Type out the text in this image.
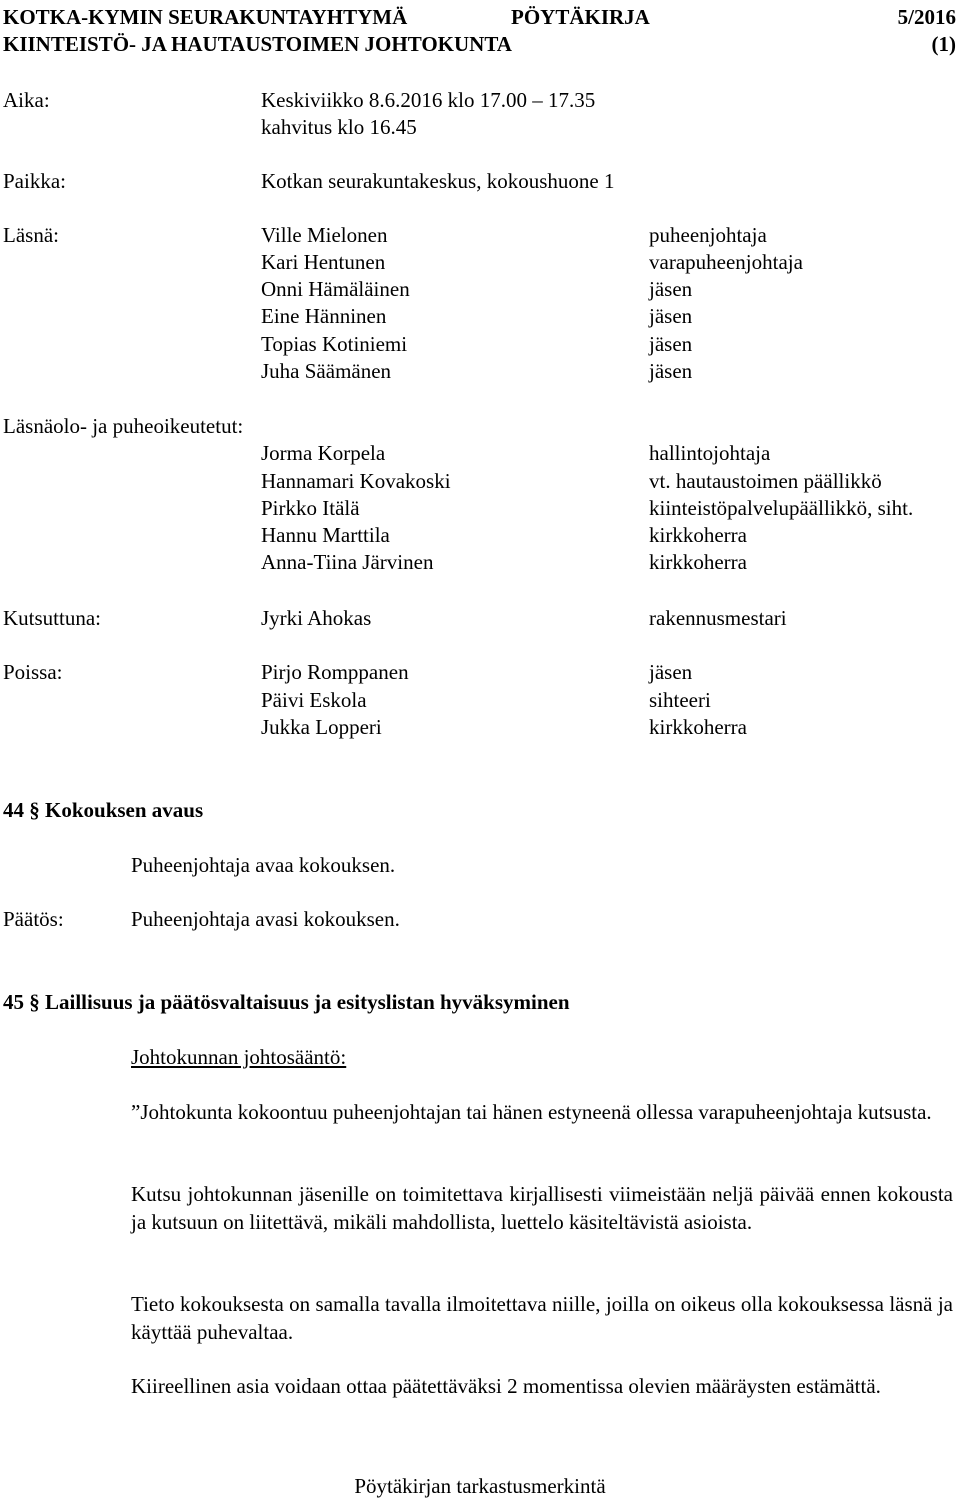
KOTKA-KYMIN SEURAKUNTAYHTYMÄ	PÖYTÄKIRJA	5/2016
KIINTEISTÖ- JA HAUTAUSTOIMEN JOHTOKUNTA	(1)
Aika:	Keskiviikko 8.6.2016 klo 17.00 – 17.35
kahvitus klo 16.45
Paikka:	Kotkan seurakuntakeskus, kokoushuone 1
Läsnä:	Ville Mielonen	puheenjohtaja
Kari Hentunen	varapuheenjohtaja
Onni Hämäläinen	jäsen
Eine Hänninen	jäsen
Topias Kotiniemi	jäsen
Juha Säämänen	jäsen
Läsnäolo- ja puheoikeutetut:
Jorma Korpela	hallintojohtaja
Hannamari Kovakoski	vt. hautaustoimen päällikkö
Pirkko Itälä	kiinteistöpalvelupäällikkö, siht.
Hannu Marttila	kirkkoherra
Anna-Tiina Järvinen	kirkkoherra
Kutsuttuna:	Jyrki Ahokas	rakennusmestari
Poissa:	Pirjo Romppanen	jäsen
Päivi Eskola	sihteeri
Jukka Lopperi	kirkkoherra
44 § Kokouksen avaus
Puheenjohtaja avaa kokouksen.
Päätös:	Puheenjohtaja avasi kokouksen.
45 § Laillisuus ja päätösvaltaisuus ja esityslistan hyväksyminen
Johtokunnan johtosääntö:
”Johtokunta kokoontuu puheenjohtajan tai hänen estyneenä ollessa varapuheenjohtaja kutsusta.
Kutsu johtokunnan jäsenille on toimitettava kirjallisesti viimeistään neljä päivää ennen kokousta ja kutsuun on liitettävä, mikäli mahdollista, luettelo käsiteltävistä asioista.
Tieto kokouksesta on samalla tavalla ilmoitettava niille, joilla on oikeus olla kokouksessa läsnä ja käyttää puhevaltaa.
Kiireellinen asia voidaan ottaa päätettäväksi 2 momentissa olevien määräysten estämättä.
Pöytäkirjan tarkastusmerkintä
